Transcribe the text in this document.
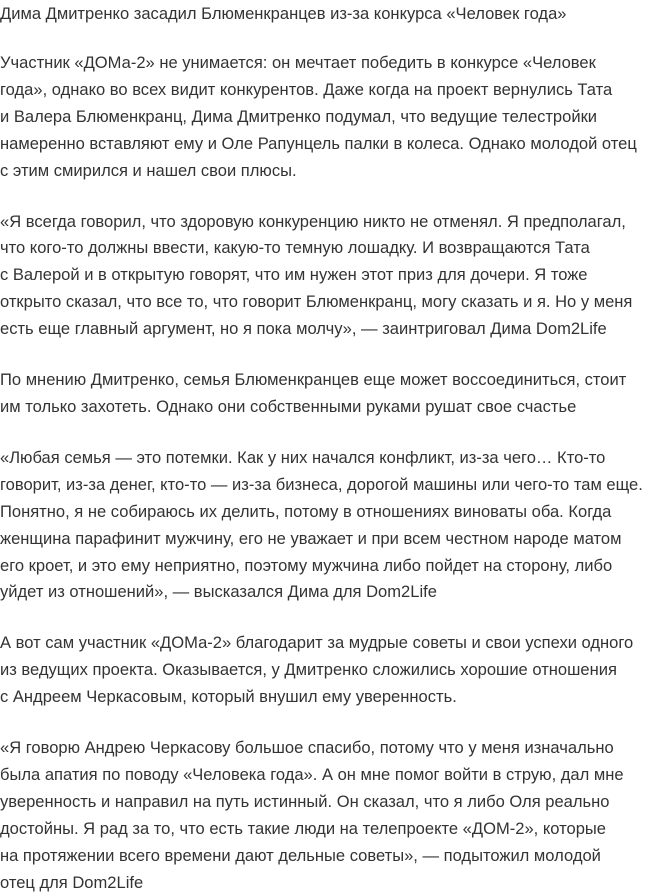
Дима Дмитренко засадил Блюменкранцев из-за конкурса «Человек года»

Участник «ДОМа-2» не унимается: он мечтает победить в конкурсе «Человек
года», однако во всех видит конкурентов. Даже когда на проект вернулись Тата
и Валера Блюменкранц, Дима Дмитренко подумал, что ведущие телестройки
намеренно вставляют ему и Оле Рапунцель палки в колеса. Однако молодой отец
с этим смирился и нашел свои плюсы.

«Я всегда говорил, что здоровую конкуренцию никто не отменял. Я предполагал,
что кого-то должны ввести, какую-то темную лошадку. И возвращаются Тата
с Валерой и в открытую говорят, что им нужен этот приз для дочери. Я тоже
открыто сказал, что все то, что говорит Блюменкранц, могу сказать и я. Но у меня
есть еще главный аргумент, но я пока молчу», — заинтриговал Дима Dom2Life

По мнению Дмитренко, семья Блюменкранцев еще может воссоединиться, стоит
им только захотеть. Однако они собственными руками рушат свое счастье

«Любая семья — это потемки. Как у них начался конфликт, из-за чего… Кто-то
говорит, из-за денег, кто-то — из-за бизнеса, дорогой машины или чего-то там еще.
Понятно, я не собираюсь их делить, потому в отношениях виноваты оба. Когда
женщина парафинит мужчину, его не уважает и при всем честном народе матом
его кроет, и это ему неприятно, поэтому мужчина либо пойдет на сторону, либо
уйдет из отношений», — высказался Дима для Dom2Life

А вот сам участник «ДОМа-2» благодарит за мудрые советы и свои успехи одного
из ведущих проекта. Оказывается, у Дмитренко сложились хорошие отношения
с Андреем Черкасовым, который внушил ему уверенность.

«Я говорю Андрею Черкасову большое спасибо, потому что у меня изначально
была апатия по поводу «Человека года». А он мне помог войти в струю, дал мне
уверенность и направил на путь истинный. Он сказал, что я либо Оля реально
достойны. Я рад за то, что есть такие люди на телепроекте «ДОМ-2», которые
на протяжении всего времени дают дельные советы», — подытожил молодой
отец для Dom2Life
